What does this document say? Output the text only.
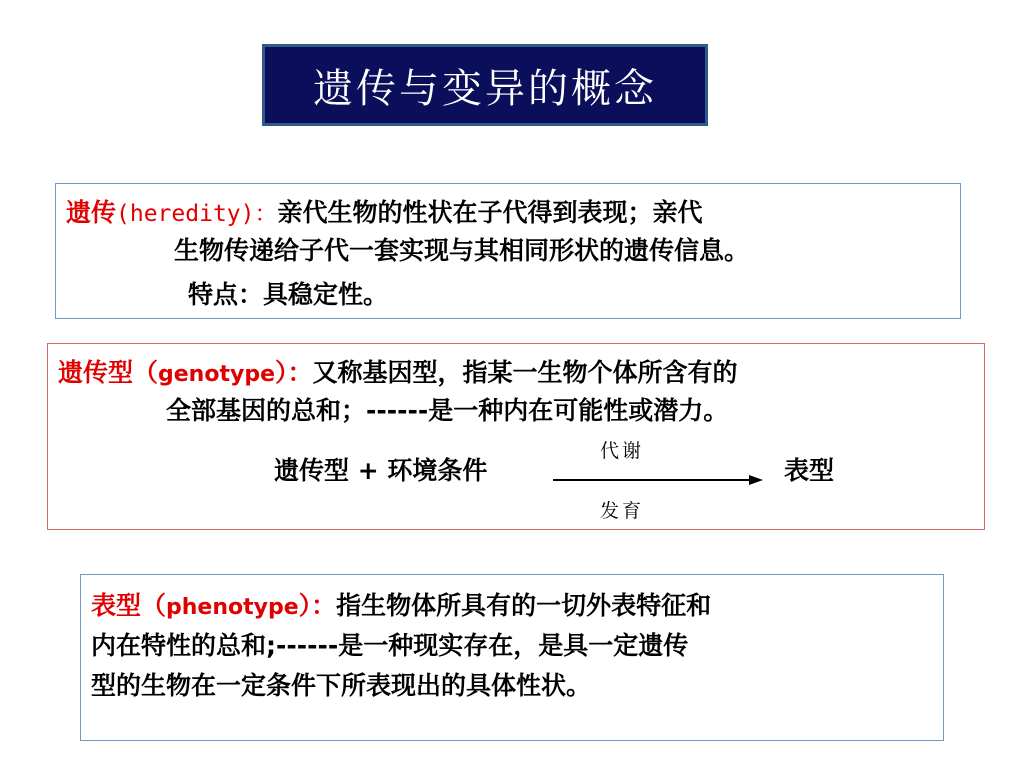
遗传与变异的概念
遗传(heredity)：亲代生物的性状在子代得到表现；亲代
生物传递给子代一套实现与其相同形状的遗传信息。
特点：具稳定性。
遗传型（genotype）：又称基因型，指某一生物个体所含有的
全部基因的总和；------是一种内在可能性或潜力。
代谢
遗传型 + 环境条件	表型
发育
表型（phenotype）：指生物体所具有的一切外表特征和
内在特性的总和;------是一种现实存在，是具一定遗传
型的生物在一定条件下所表现出的具体性状。
